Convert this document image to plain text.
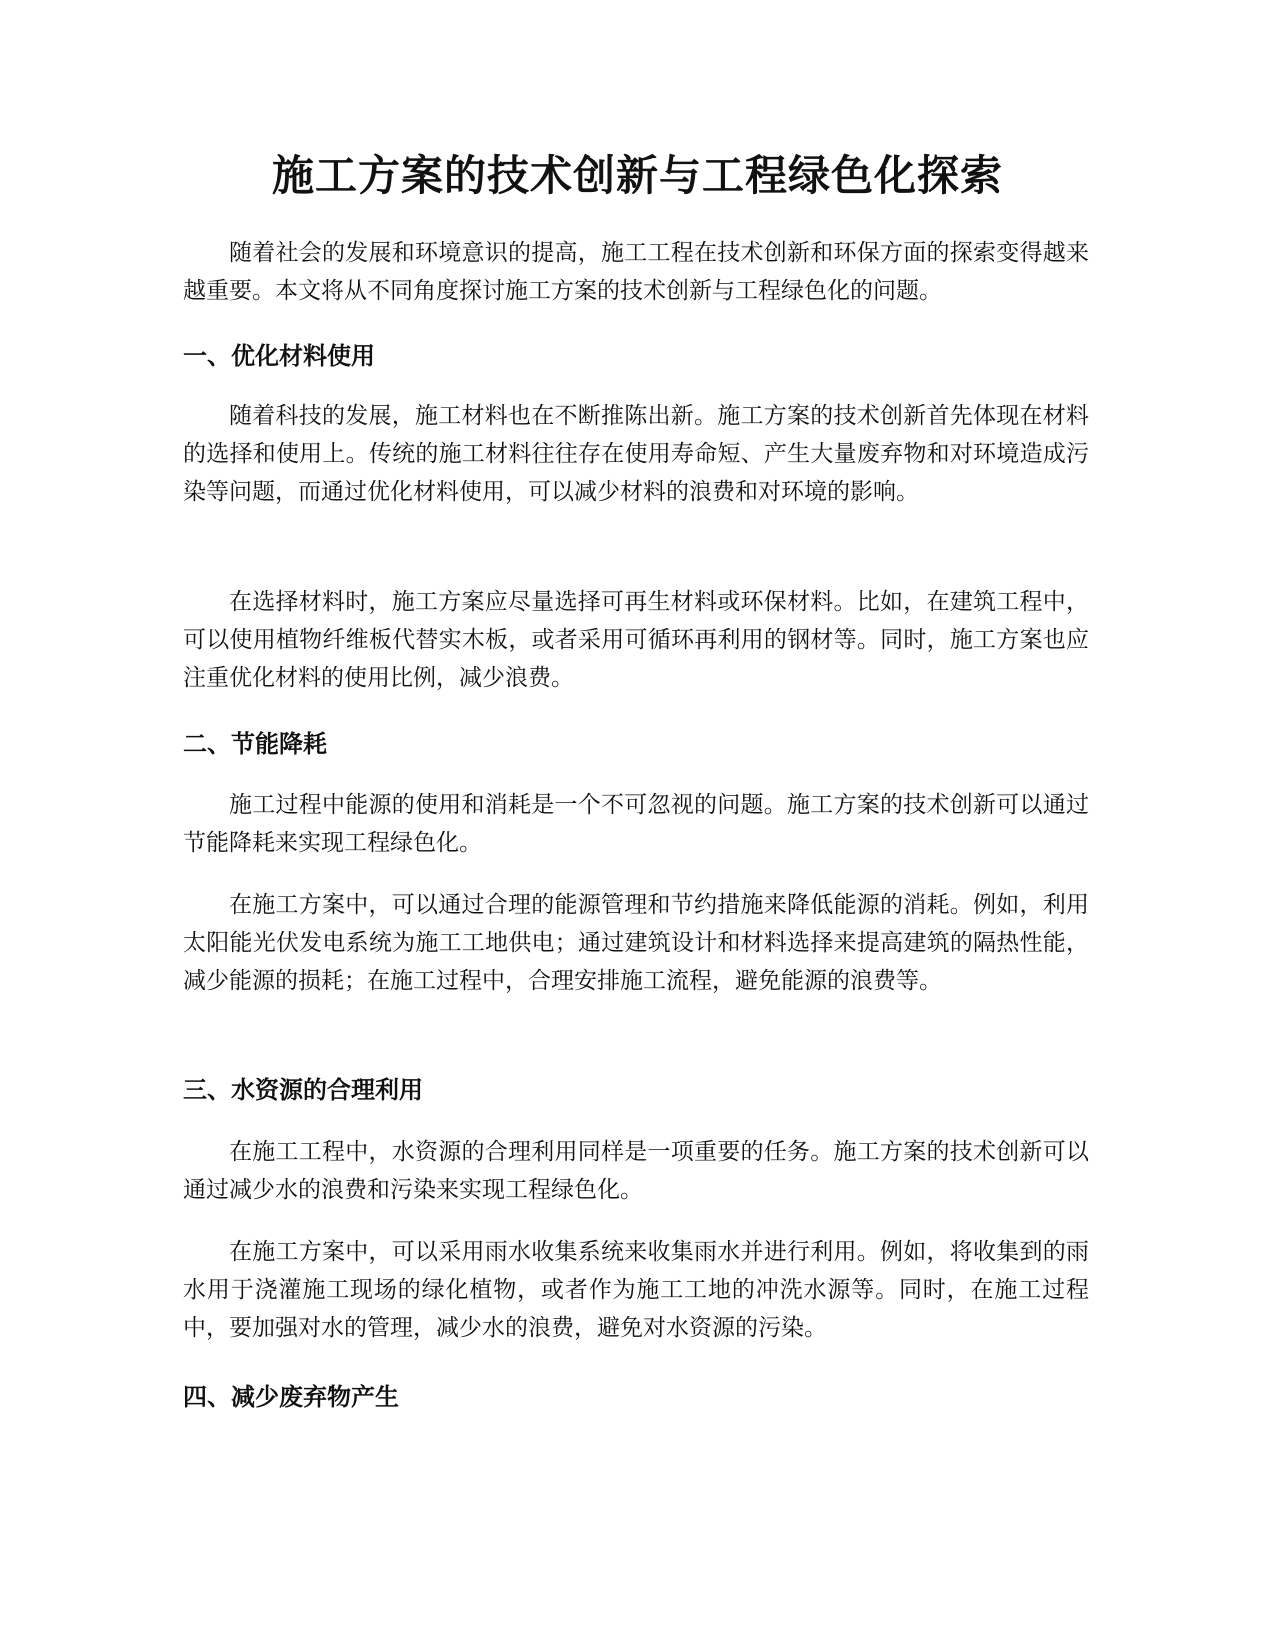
施工方案的技术创新与工程绿色化探索

随着社会的发展和环境意识的提高，施工工程在技术创新和环保方面的探索变得越来越重要。本文将从不同角度探讨施工方案的技术创新与工程绿色化的问题。

一、优化材料使用

随着科技的发展，施工材料也在不断推陈出新。施工方案的技术创新首先体现在材料的选择和使用上。传统的施工材料往往存在使用寿命短、产生大量废弃物和对环境造成污染等问题，而通过优化材料使用，可以减少材料的浪费和对环境的影响。

在选择材料时，施工方案应尽量选择可再生材料或环保材料。比如，在建筑工程中，可以使用植物纤维板代替实木板，或者采用可循环再利用的钢材等。同时，施工方案也应注重优化材料的使用比例，减少浪费。

二、节能降耗

施工过程中能源的使用和消耗是一个不可忽视的问题。施工方案的技术创新可以通过节能降耗来实现工程绿色化。

在施工方案中，可以通过合理的能源管理和节约措施来降低能源的消耗。例如，利用太阳能光伏发电系统为施工工地供电；通过建筑设计和材料选择来提高建筑的隔热性能，减少能源的损耗；在施工过程中，合理安排施工流程，避免能源的浪费等。

三、水资源的合理利用

在施工工程中，水资源的合理利用同样是一项重要的任务。施工方案的技术创新可以通过减少水的浪费和污染来实现工程绿色化。

在施工方案中，可以采用雨水收集系统来收集雨水并进行利用。例如，将收集到的雨水用于浇灌施工现场的绿化植物，或者作为施工工地的冲洗水源等。同时，在施工过程中，要加强对水的管理，减少水的浪费，避免对水资源的污染。

四、减少废弃物产生
